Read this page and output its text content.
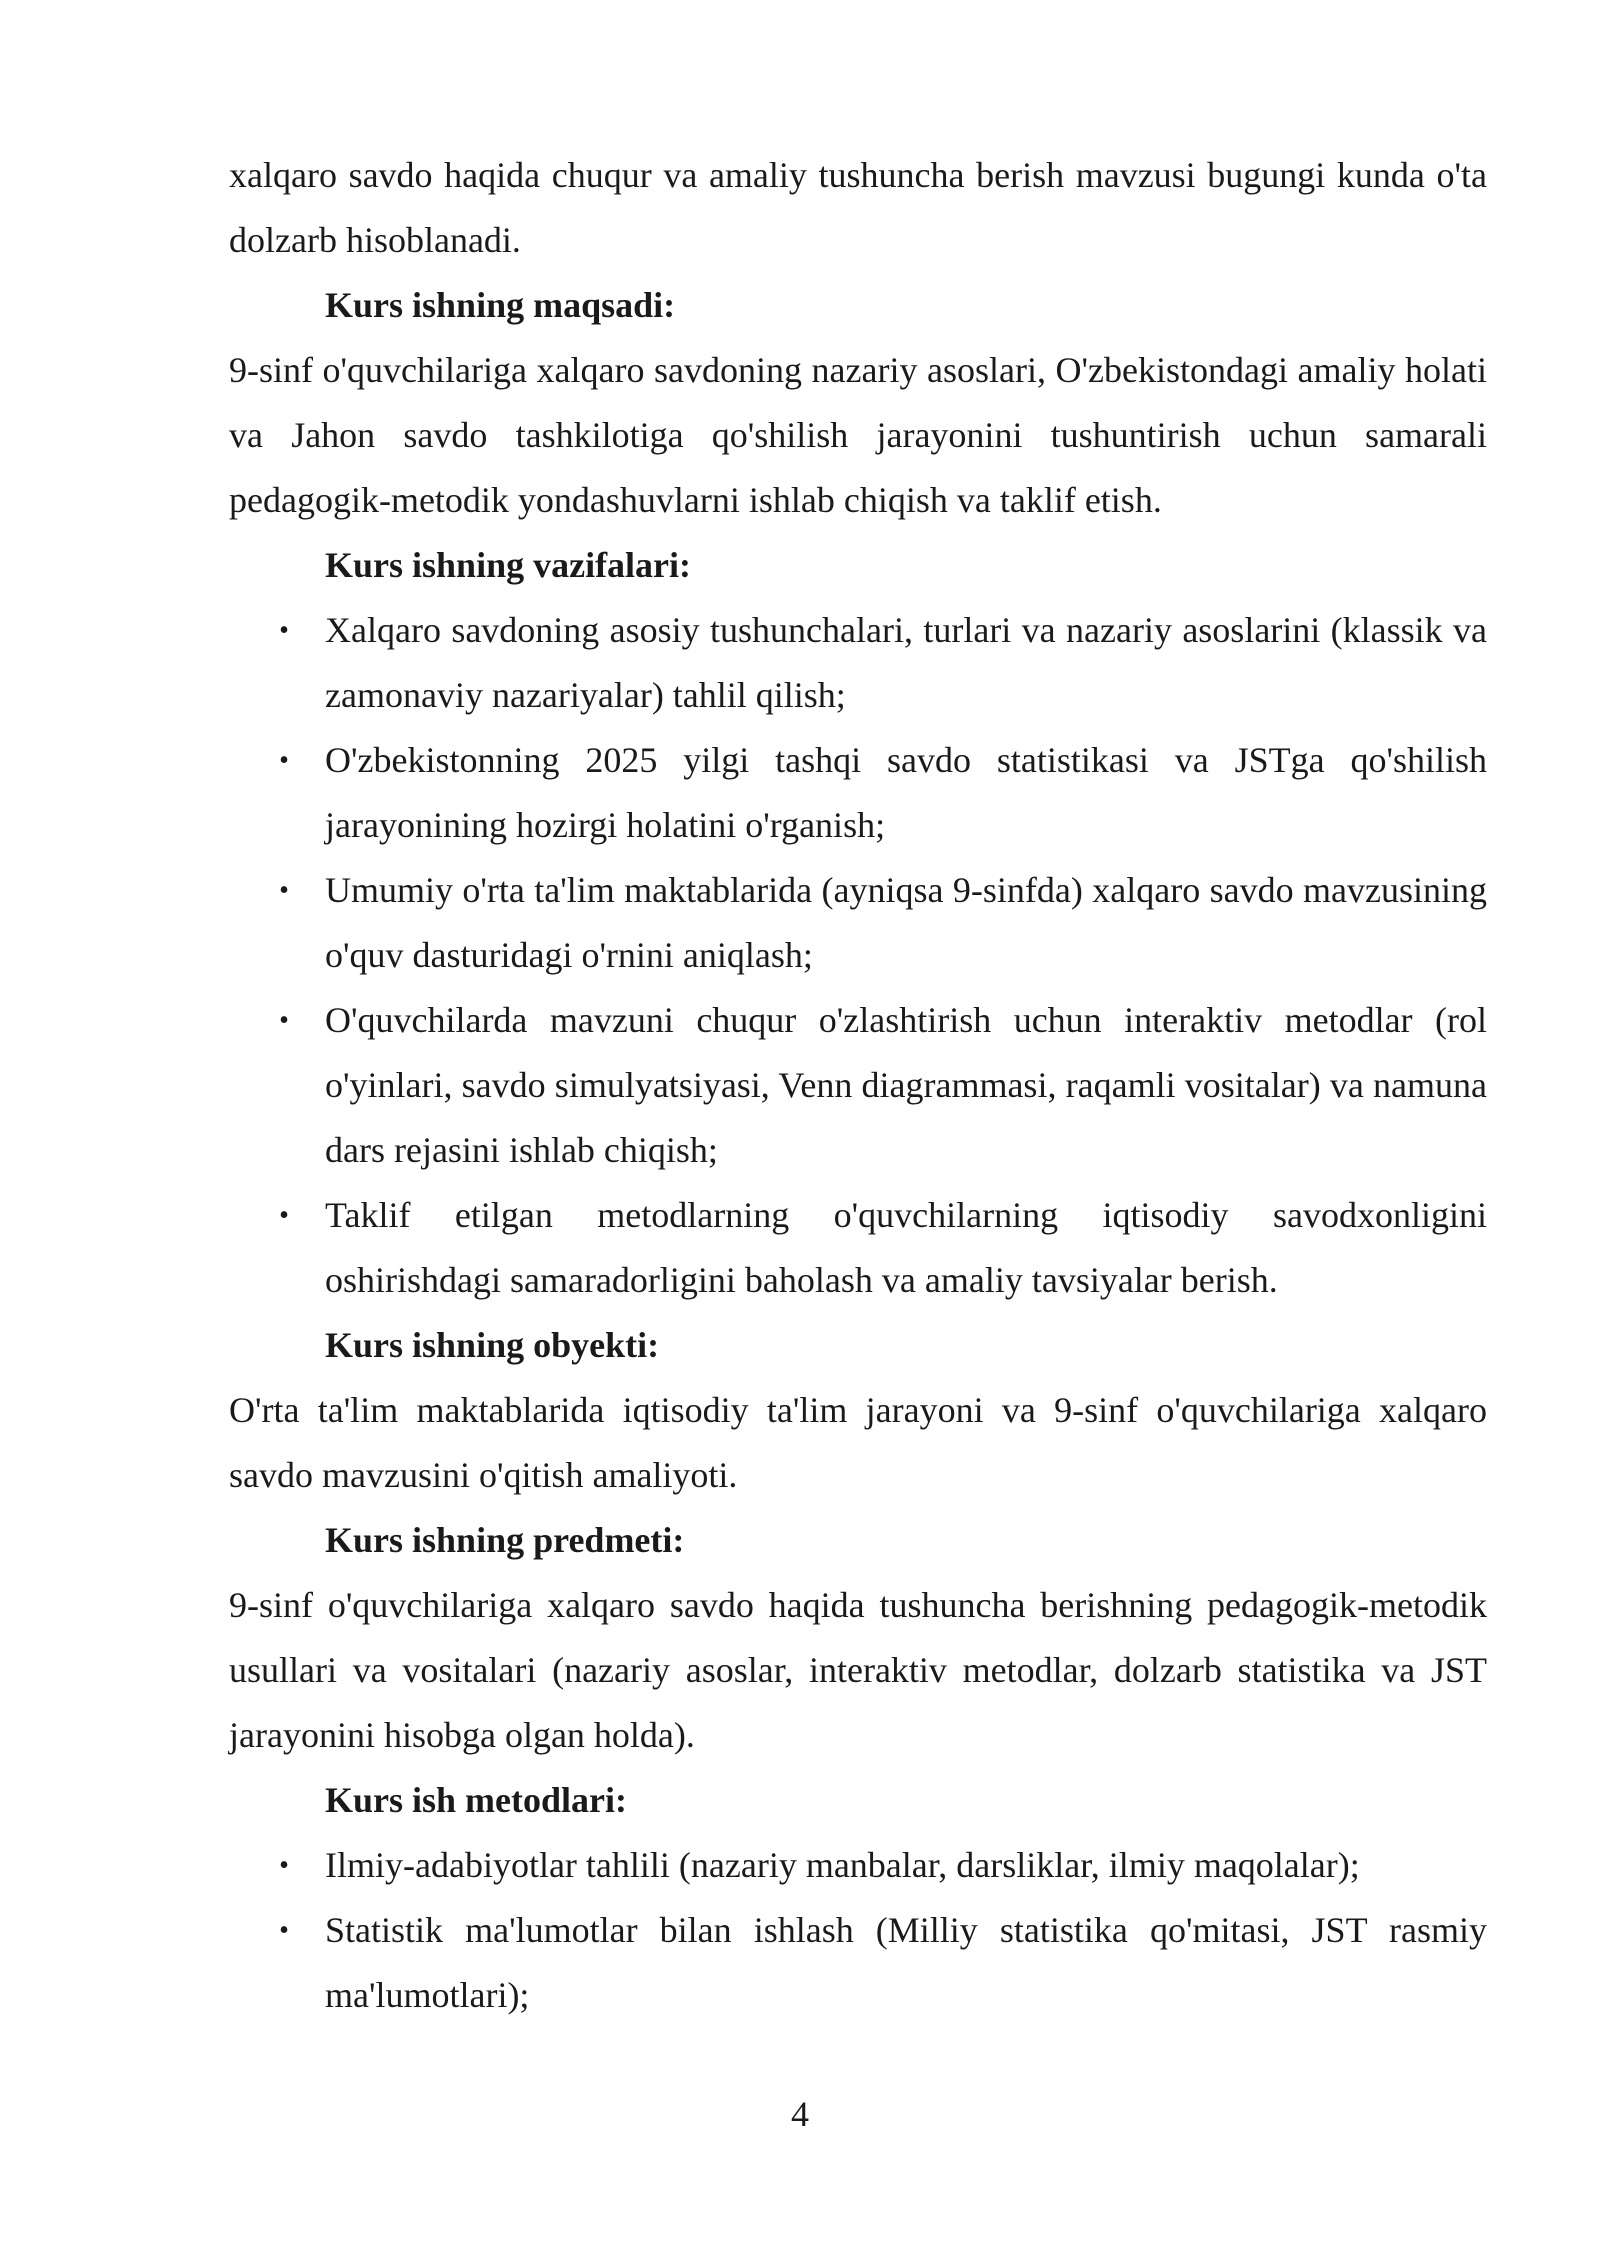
xalqaro savdo haqida chuqur va amaliy tushuncha berish mavzusi bugungi kunda o'ta dolzarb hisoblanadi.

Kurs ishning maqsadi:

9-sinf o'quvchilariga xalqaro savdoning nazariy asoslari, O'zbekistondagi amaliy holati va Jahon savdo tashkilotiga qo'shilish jarayonini tushuntirish uchun samarali pedagogik-metodik yondashuvlarni ishlab chiqish va taklif etish.

Kurs ishning vazifalari:

• Xalqaro savdoning asosiy tushunchalari, turlari va nazariy asoslarini (klassik va zamonaviy nazariyalar) tahlil qilish;
• O'zbekistonning 2025 yilgi tashqi savdo statistikasi va JSTga qo'shilish jarayonining hozirgi holatini o'rganish;
• Umumiy o'rta ta'lim maktablarida (ayniqsa 9-sinfda) xalqaro savdo mavzusining o'quv dasturidagi o'rnini aniqlash;
• O'quvchilarda mavzuni chuqur o'zlashtirish uchun interaktiv metodlar (rol o'yinlari, savdo simulyatsiyasi, Venn diagrammasi, raqamli vositalar) va namuna dars rejasini ishlab chiqish;
• Taklif etilgan metodlarning o'quvchilarning iqtisodiy savodxonligini oshirishdagi samaradorligini baholash va amaliy tavsiyalar berish.

Kurs ishning obyekti:

O'rta ta'lim maktablarida iqtisodiy ta'lim jarayoni va 9-sinf o'quvchilariga xalqaro savdo mavzusini o'qitish amaliyoti.

Kurs ishning predmeti:

9-sinf o'quvchilariga xalqaro savdo haqida tushuncha berishning pedagogik-metodik usullari va vositalari (nazariy asoslar, interaktiv metodlar, dolzarb statistika va JST jarayonini hisobga olgan holda).

Kurs ish metodlari:

• Ilmiy-adabiyotlar tahlili (nazariy manbalar, darsliklar, ilmiy maqolalar);
• Statistik ma'lumotlar bilan ishlash (Milliy statistika qo'mitasi, JST rasmiy ma'lumotlari);
4
